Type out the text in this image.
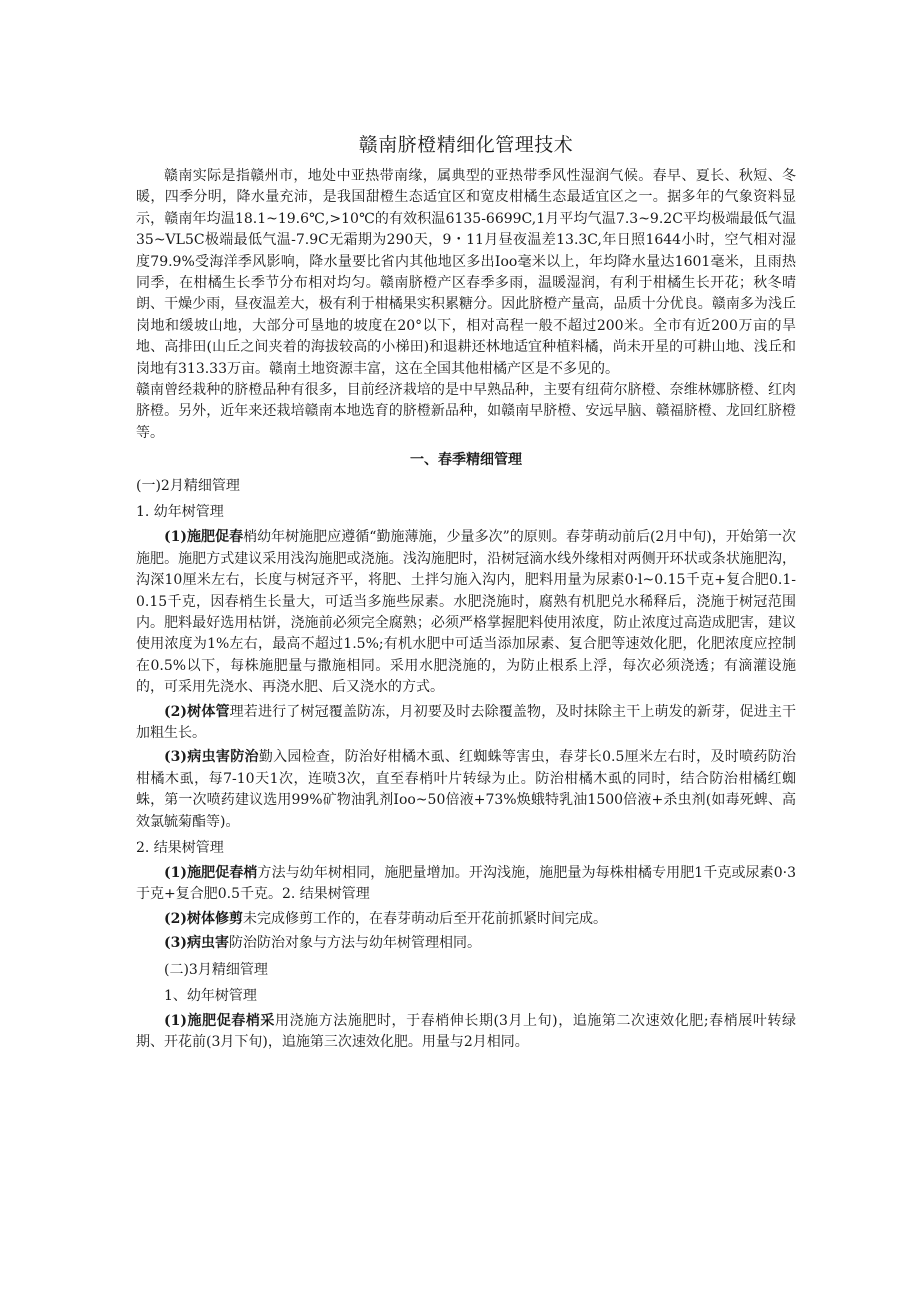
赣南脐橙精细化管理技术

赣南实际是指赣州市，地处中亚热带南缘，属典型的亚热带季风性湿润气候。春早、夏长、秋短、冬暖，四季分明，降水量充沛，是我国甜橙生态适宜区和宽皮柑橘生态最适宜区之一。据多年的气象资料显示，赣南年均温18.1~19.6℃,>10℃的有效积温6135-6699C,1月平均气温7.3~9.2C平均极端最低气温35~VL5C极端最低气温-7.9C无霜期为290天，9・11月昼夜温差13.3C,年日照1644小时，空气相对湿度79.9%受海洋季风影响，降水量要比省内其他地区多出Ioo毫米以上，年均降水量达1601毫米，且雨热同季，在柑橘生长季节分布相对均匀。赣南脐橙产区春季多雨，温暖湿润，有利于柑橘生长开花；秋冬晴朗、干燥少雨，昼夜温差大，极有利于柑橘果实积累糖分。因此脐橙产量高，品质十分优良。赣南多为浅丘岗地和缓坡山地，大部分可垦地的坡度在20°以下，相对高程一般不超过200米。全市有近200万亩的旱地、高排田(山丘之间夹着的海拔较高的小梯田)和退耕还林地适宜种植料橘，尚未开星的可耕山地、浅丘和岗地有313.33万亩。赣南土地资源丰富，这在全国其他柑橘产区是不多见的。

赣南曾经栽种的脐橙品种有很多，目前经济栽培的是中早熟品种，主要有纽荷尔脐橙、奈维林娜脐橙、红肉脐橙。另外，近年来还栽培赣南本地选育的脐橙新品种，如赣南早脐橙、安远早脑、赣福脐橙、龙回红脐橙等。

一、春季精细管理
(一)2月精细管理
1. 幼年树管理

(1)施肥促春梢幼年树施肥应遵循“勤施薄施，少量多次”的原则。春芽萌动前后(2月中旬)，开始第一次施肥。施肥方式建议采用浅沟施肥或浇施。浅沟施肥时，沿树冠滴水线外缘相对两侧开环状或条状施肥沟，沟深10厘米左右，长度与树冠齐平，将肥、土拌匀施入沟内，肥料用量为尿素0·l~0.15千克+复合肥0.1-0.15千克，因春梢生长量大，可适当多施些尿素。水肥浇施时，腐熟有机肥兑水稀释后，浇施于树冠范围内。肥料最好选用枯饼，浇施前必须完全腐熟；必须严格掌握肥料使用浓度，防止浓度过高造成肥害，建议使用浓度为1%左右，最高不超过1.5%;有机水肥中可适当添加尿素、复合肥等速效化肥，化肥浓度应控制在0.5%以下，每株施肥量与撒施相同。采用水肥浇施的，为防止根系上浮，每次必须浇透；有滴灌设施的，可采用先浇水、再浇水肥、后又浇水的方式。

(2)树体管理若进行了树冠覆盖防冻，月初要及时去除覆盖物，及时抹除主干上萌发的新芽，促进主干加粗生长。

(3)病虫害防治勤入园检查，防治好柑橘木虱、红蜘蛛等害虫，春芽长0.5厘米左右时，及时喷药防治柑橘木虱，每7-10天1次，连喷3次，直至春梢叶片转绿为止。防治柑橘木虱的同时，结合防治柑橘红蜘蛛，第一次喷药建议选用99%矿物油乳剂Ioo~50倍液+73%焕蛾特乳油1500倍液+杀虫剂(如毒死蜱、高效氯毓菊酯等)。

2. 结果树管理

(1)施肥促春梢方法与幼年树相同，施肥量增加。开沟浅施，施肥量为每株柑橘专用肥1千克或尿素0·3于克+复合肥0.5千克。2. 结果树管理

(2)树体修剪未完成修剪工作的，在春芽萌动后至开花前抓紧时间完成。

(3)病虫害防治防治对象与方法与幼年树管理相同。

(二)3月精细管理
1、幼年树管理

(1)施肥促春梢采用浇施方法施肥时，于春梢伸长期(3月上旬)，追施第二次速效化肥;春梢展叶转绿期、开花前(3月下旬)，追施第三次速效化肥。用量与2月相同。
